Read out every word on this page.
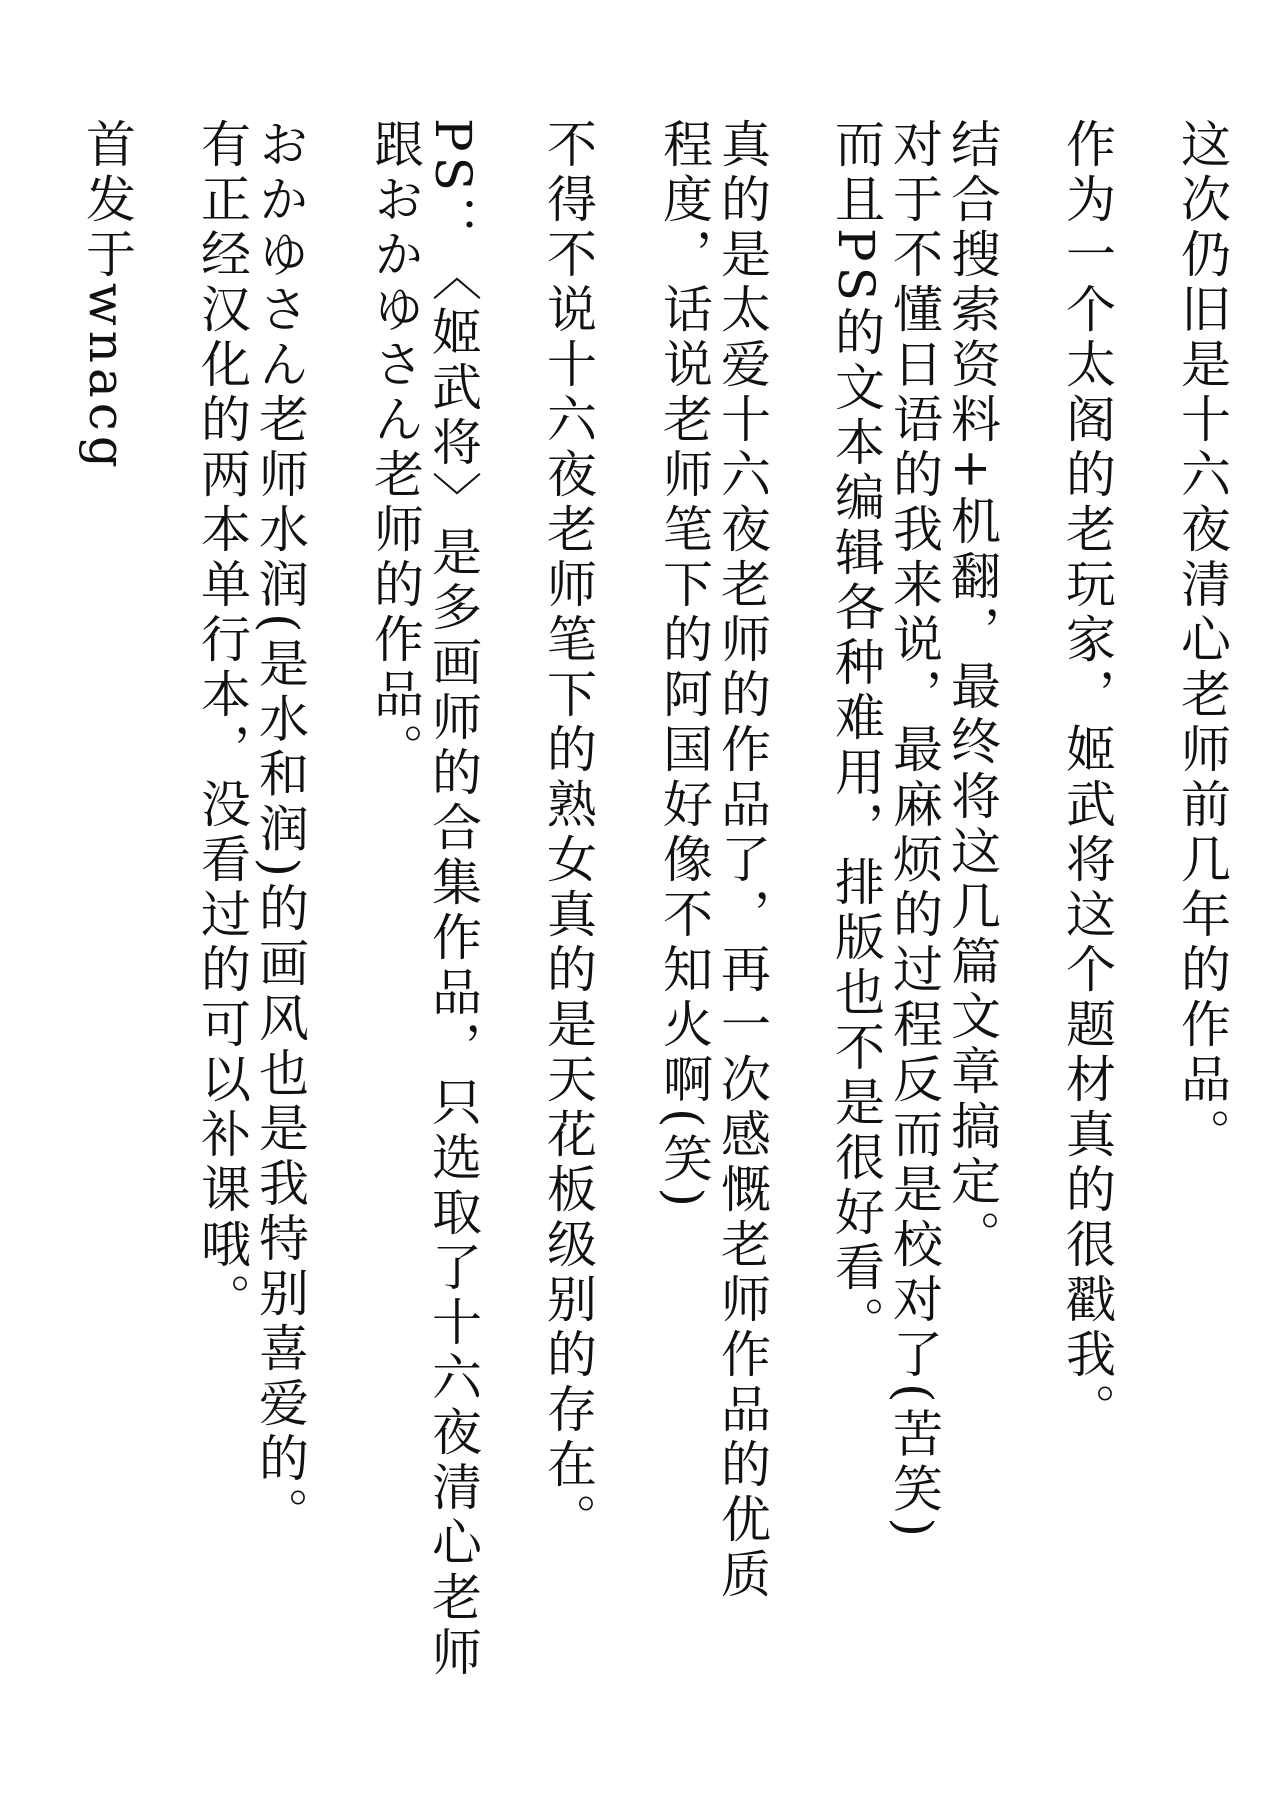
这次仍旧是十六夜清心老师前几年的作品。
作为一个太阁的老玩家，姬武将这个题材真的很戳我。
结合搜索资料+机翻，最终将这几篇文章搞定。
对于不懂日语的我来说，最麻烦的过程反而是校对了(苦笑)
而且PS的文本编辑各种难用，排版也不是很好看。
真的是太爱十六夜老师的作品了，再一次感慨老师作品的优质
程度，话说老师笔下的阿国好像不知火啊(笑)
不得不说十六夜老师笔下的熟女真的是天花板级别的存在。
PS：〈姬武将〉是多画师的合集作品，只选取了十六夜清心老师
跟おかゆさん老师的作品。
おかゆさん老师水润(是水和润)的画风也是我特别喜爱的。
有正经汉化的两本单行本，没看过的可以补课哦。
首发于wnacg
